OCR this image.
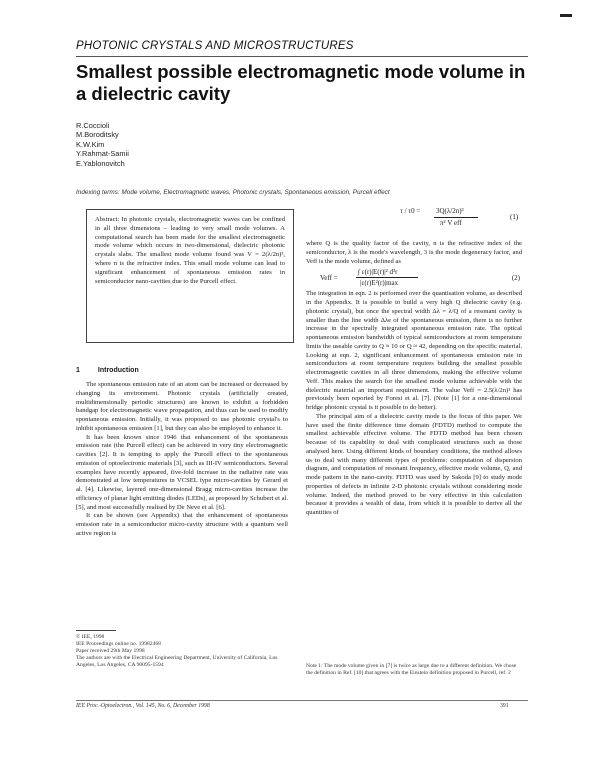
PHOTONIC CRYSTALS AND MICROSTRUCTURES
Smallest possible electromagnetic mode volume in a dielectric cavity
R.Coccioli
M.Boroditsky
K.W.Kim
Y.Rahmat-Samii
E.Yablonovitch
Indexing terms: Mode volume, Electromagnetic waves, Photonic crystals, Spontaneous emission, Purcell effect
Abstract: In photonic crystals, electromagnetic waves can be confined in all three dimensions – leading to very small mode volumes. A computational search has been made for the smallest electromagnetic mode volume which occurs in two-dimensional, dielectric photonic crystals slabs. The smallest mode volume found was V = 2(λ/2n)³, where n is the refractive index. This small mode volume can lead to significant enhancement of spontaneous emission rates in semiconductor nano-cavities due to the Purcell effect.
1	Introduction

The spontaneous emission rate of an atom can be increased or decreased by changing its environment. Photonic crystals (artificially created, multidimensionally periodic structures) are known to exhibit a forbidden bandgap for electromagnetic wave propagation, and thus can be used to modify spontaneous emission. Initially, it was proposed to use photonic crystal's to inhibit spontaneous emission [1], but they can also be employed to enhance it.

It has been known since 1946 that enhancement of the spontaneous emission rate (the Purcell effect) can be achieved in very tiny electromagnetic cavities [2]. It is tempting to apply the Purcell effect to the spontaneous emission of optoelectronic materials [3], such as III-IV semiconductors. Several examples have recently appeared, five-fold increase in the radiative rate was demonstrated at low temperatures in VCSEL type micro-cavities by Gerard et al. [4]. Likewise, layered one-dimensional Bragg micro-cavities increase the efficiency of planar light emitting diodes (LEDs), as proposed by Schubert et al. [5], and most successfully realised by De Neve et al. [6].

It can be shown (see Appendix) that the enhancement of spontaneous emission rate in a semiconductor micro-cavity structure with a quantum well active region is

© IEE, 1998
IEE Proceedings online no. 19982468
Paper received 29th May 1998
The authors are with the Electrical Engineering Department, University of California, Los Angeles, Los Angeles, CA 90095-1594
τ / τ0 = 3Q(λ/2n)³
π² V eff
(1)

where Q is the quality factor of the cavity, n is the refractive index of the semiconductor, λ is the mode's wavelength, 3 is the mode degeneracy factor, and Veff is the mode volume, defined as

Veff =
∫ ε(r)|E(r)|² d³r
|ε(r)E²(r)|max
(2)

The integration in eqn. 2 is performed over the quantisation volume, as described in the Appendix. It is possible to build a very high Q dielectric cavity (e.g. photonic crystal), but once the spectral width Δλ = λ/Q of a resonant cavity is smaller than the line width Δλe of the spontaneous emission, there is no further increase in the spectrally integrated spontaneous emission rate. The optical spontaneous emission bandwidth of typical semiconductors at room temperature limits the useable cavity to Q ≈ 10 or Q ≈ 42, depending on the specific material. Looking at eqn. 2, significant enhancement of spontaneous emission rate in semiconductors at room temperature requires building the smallest possible electromagnetic cavities in all three dimensions, making the effective volume Veff. This makes the search for the smallest mode volume achievable with the dielectric material an important requirement. The value Veff = 2.5(λ/2n)³ has previously been reported by Foresi et al. [7]. (Note [1] for a one-dimensional bridge photonic crystal is it possible to do better).

The principal aim of a dielectric cavity mode is the focus of this paper. We have used the finite difference time domain (FDTD) method to compute the smallest achievable effective volume. The FDTD method has been chosen because of its capability to deal with complicated structures such as those analysed here. Using different kinds of boundary conditions, the method allows us to deal with many different types of problems: computation of dispersion diagram, and computation of resonant frequency, effective mode volume, Q, and mode pattern in the nano-cavity. FDTD was used by Sakoda [9] to study mode properties of defects in infinite 2-D photonic crystals without considering mode volume. Indeed, the method proved to be very effective in this calculation because it provides a wealth of data, from which it is possible to derive all the quantities of

Note 1: The mode volume given in [7] is twice as large due to a different definition. We chose the definition in Ref. [10] that agrees with the Einstein definition proposed in Purcell, ref. 2
IEE Proc.-Optoelectron., Vol. 145, No. 6, December 1998	391
